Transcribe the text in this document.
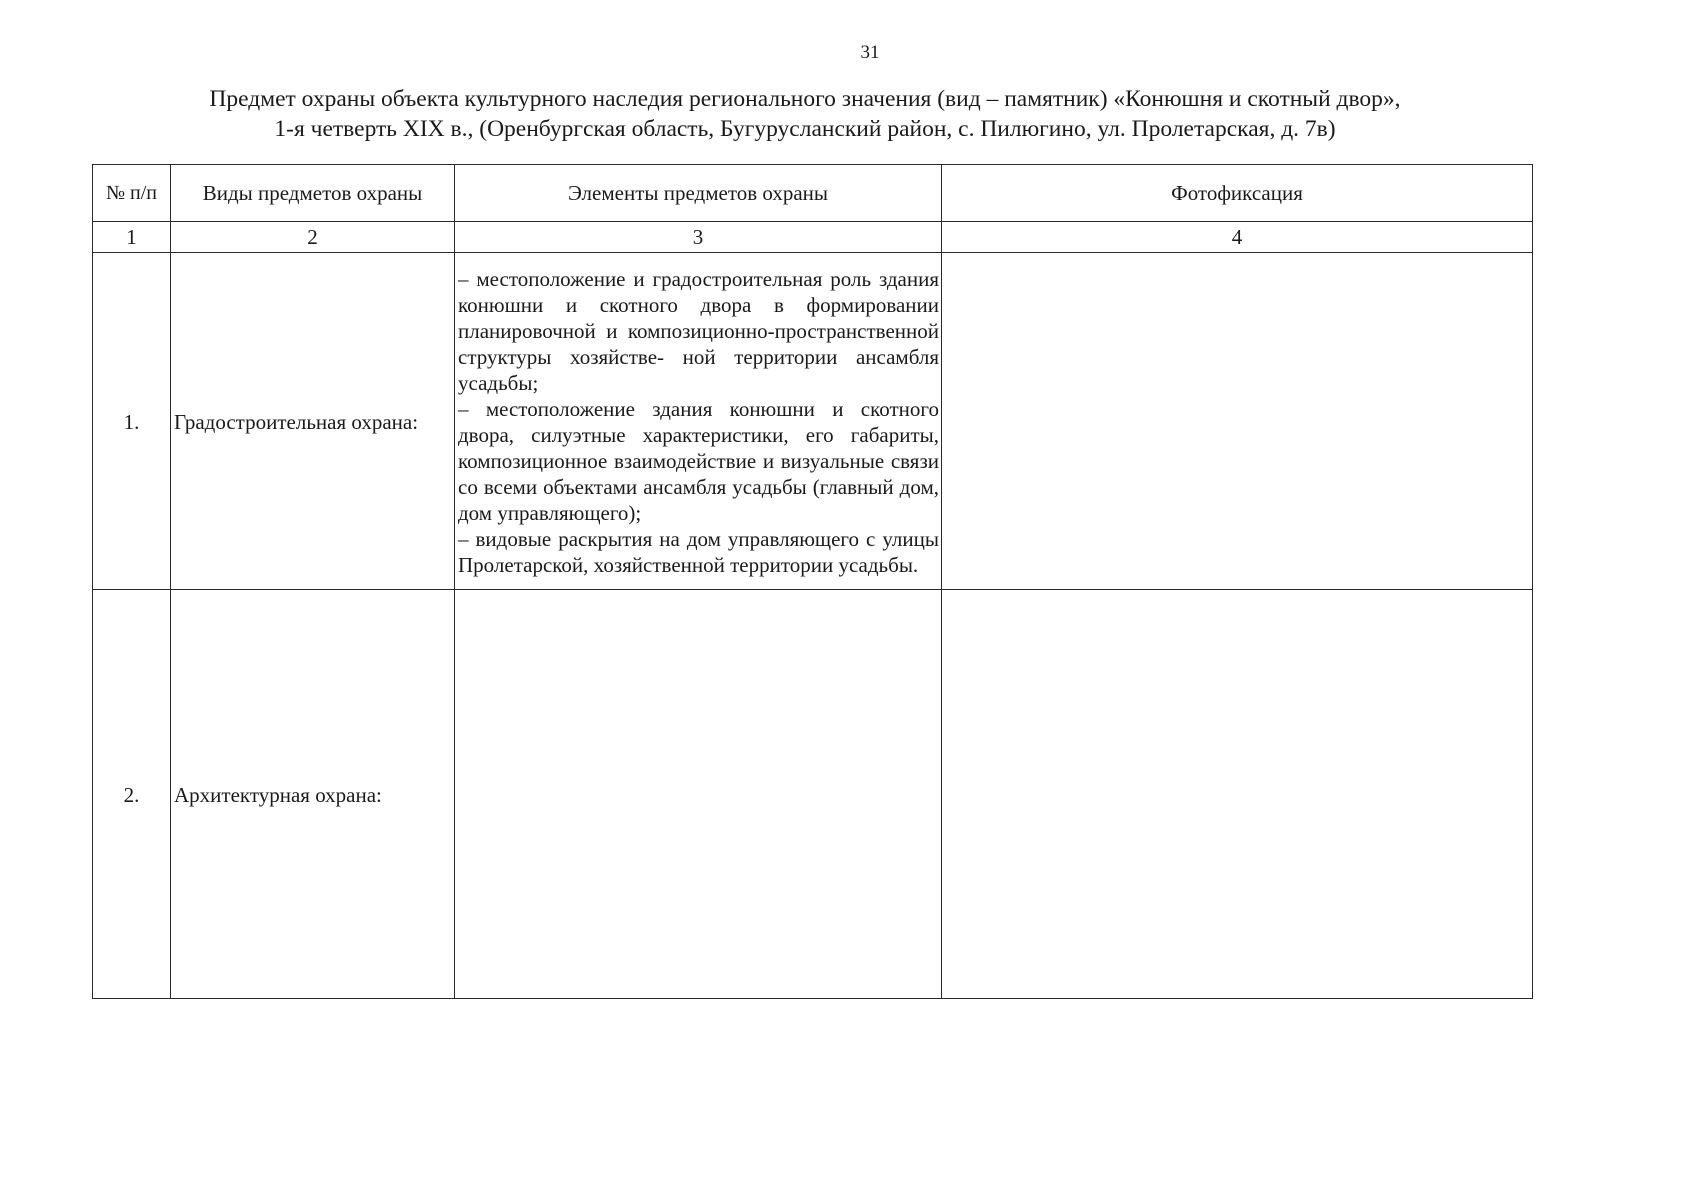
31
Предмет охраны объекта культурного наследия регионального значения (вид – памятник) «Конюшня и скотный двор»,
1-я четверть XIX в., (Оренбургская область, Бугурусланский район, с. Пилюгино, ул. Пролетарская, д. 7в)
№ п/п	Виды предметов охраны	Элементы предметов охраны	Фотофиксация
1	2	3	4
1.	Градостроительная охрана:	– местоположение и градостроительная роль здания конюшни и скотного двора в формировании планировочной и композиционно-пространственной структуры хозяйстве- ной территории ансамбля усадьбы;

– местоположение здания конюшни и скотного двора, силуэтные характеристики, его габариты, композиционное взаимодействие и визуальные связи со всеми объектами ансамбля усадьбы (главный дом, дом управляющего);

– видовые раскрытия на дом управляющего с улицы Пролетарской, хозяйственной территории усадьбы.	

2.	Архитектурная охрана:		
